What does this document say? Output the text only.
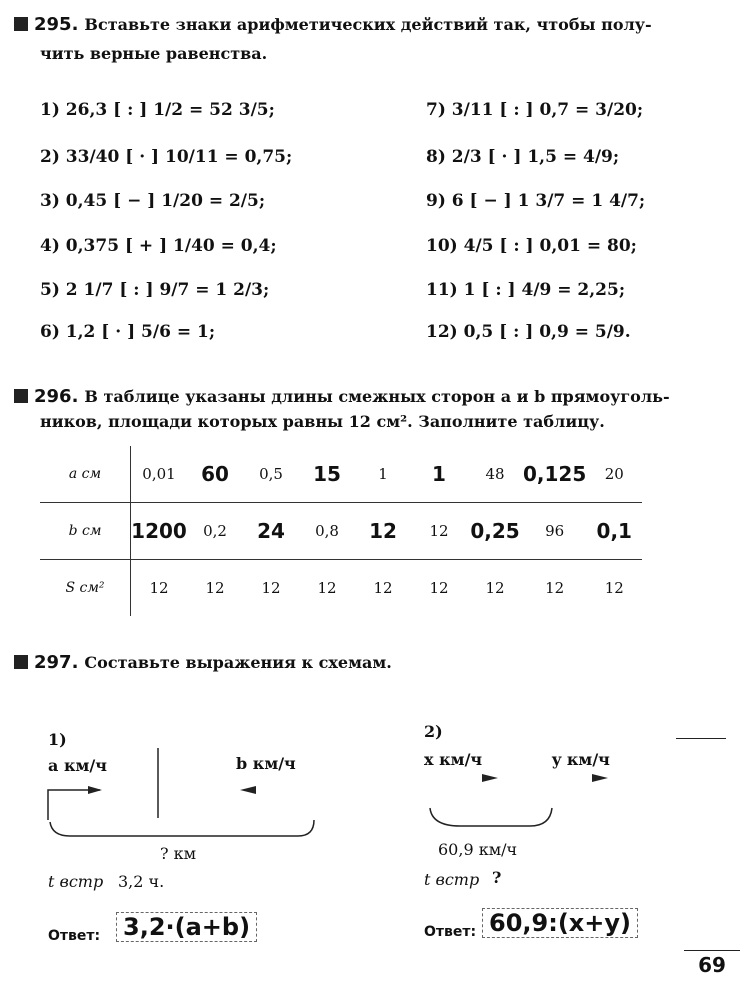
295. Вставьте знаки арифметических действий так, чтобы полу-
чить верные равенства.
1) 26,3 [ : ] 1/2 = 52 3/5;
2) 33/40 [ · ] 10/11 = 0,75;
3) 0,45 [ − ] 1/20 = 2/5;
4) 0,375 [ + ] 1/40 = 0,4;
5) 2 1/7 [ : ] 9/7 = 1 2/3;
6) 1,2 [ · ] 5/6 = 1;
7) 3/11 [ : ] 0,7 = 3/20;
8) 2/3 [ · ] 1,5 = 4/9;
9) 6 [ − ] 1 3/7 = 1 4/7;
10) 4/5 [ : ] 0,01 = 80;
11) 1 [ : ] 4/9 = 2,25;
12) 0,5 [ : ] 0,9 = 5/9.
296. В таблице указаны длины смежных сторон a и b прямоуголь-
ников, площади которых равны 12 см². Заполните таблицу.
a см	0,01	60	0,5	15	1	1	48	0,125	20
b см	1200	0,2	24	0,8	12	12	0,25	96	0,1
S см²	12	12	12	12	12	12	12	12	12
297. Составьте выражения к схемам.
1)
a км/ч	b км/ч
? км
t встр 3,2 ч.
Ответ: 3,2·(a+b)
2)
x км/ч	y км/ч
60,9 км/ч
t встр ?
Ответ: 60,9:(x+y)
69
